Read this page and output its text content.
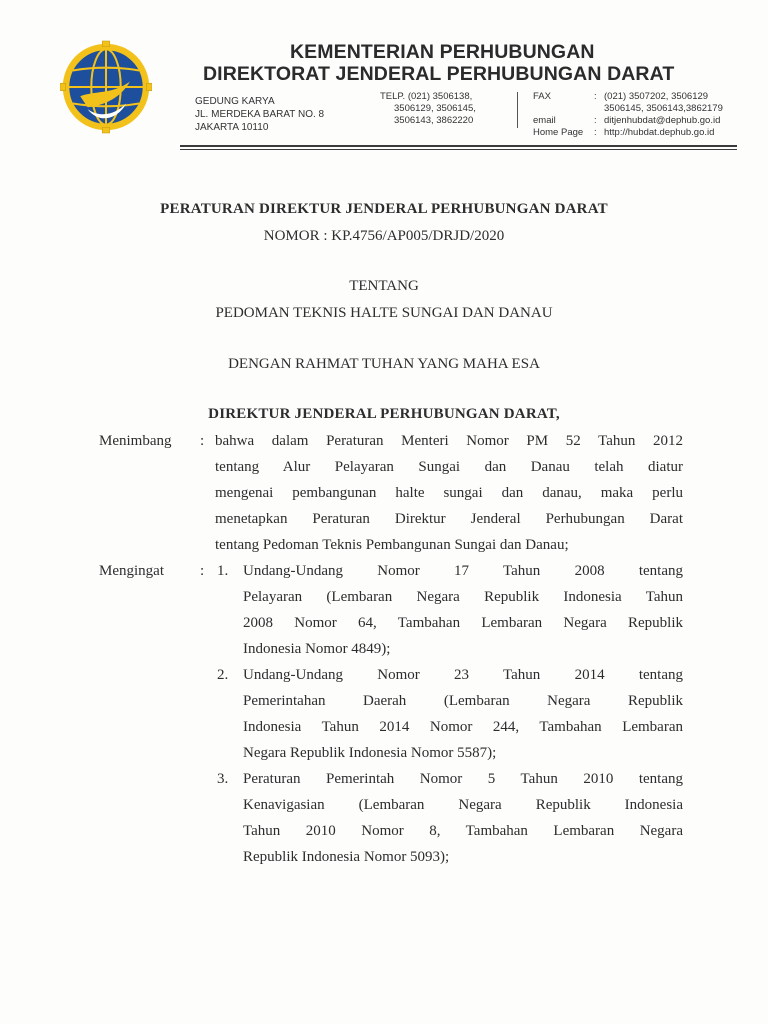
KEMENTERIAN PERHUBUNGAN
DIREKTORAT JENDERAL PERHUBUNGAN DARAT
GEDUNG KARYA
JL. MERDEKA BARAT NO. 8
JAKARTA 10110
TELP. (021) 3506138,
3506129, 3506145,
3506143, 3862220
FAX

email
Home Page
:

:
:
(021) 3507202, 3506129
3506145, 3506143,3862179
ditjenhubdat@dephub.go.id
http://hubdat.dephub.go.id
PERATURAN DIREKTUR JENDERAL PERHUBUNGAN DARAT
NOMOR : KP.4756/AP005/DRJD/2020
TENTANG
PEDOMAN TEKNIS HALTE SUNGAI DAN DANAU
DENGAN RAHMAT TUHAN YANG MAHA ESA
DIREKTUR JENDERAL PERHUBUNGAN DARAT,
Menimbang : bahwa dalam Peraturan Menteri Nomor PM 52 Tahun 2012
tentang Alur Pelayaran Sungai dan Danau telah diatur
mengenai pembangunan halte sungai dan danau, maka perlu
menetapkan Peraturan Direktur Jenderal Perhubungan Darat
tentang Pedoman Teknis Pembangunan Sungai dan Danau;
Mengingat : 1. Undang-Undang Nomor 17 Tahun 2008 tentang
Pelayaran (Lembaran Negara Republik Indonesia Tahun
2008 Nomor 64, Tambahan Lembaran Negara Republik
Indonesia Nomor 4849);
2. Undang-Undang Nomor 23 Tahun 2014 tentang
Pemerintahan Daerah (Lembaran Negara Republik
Indonesia Tahun 2014 Nomor 244, Tambahan Lembaran
Negara Republik Indonesia Nomor 5587);
3. Peraturan Pemerintah Nomor 5 Tahun 2010 tentang
Kenavigasian (Lembaran Negara Republik Indonesia
Tahun 2010 Nomor 8, Tambahan Lembaran Negara
Republik Indonesia Nomor 5093);
